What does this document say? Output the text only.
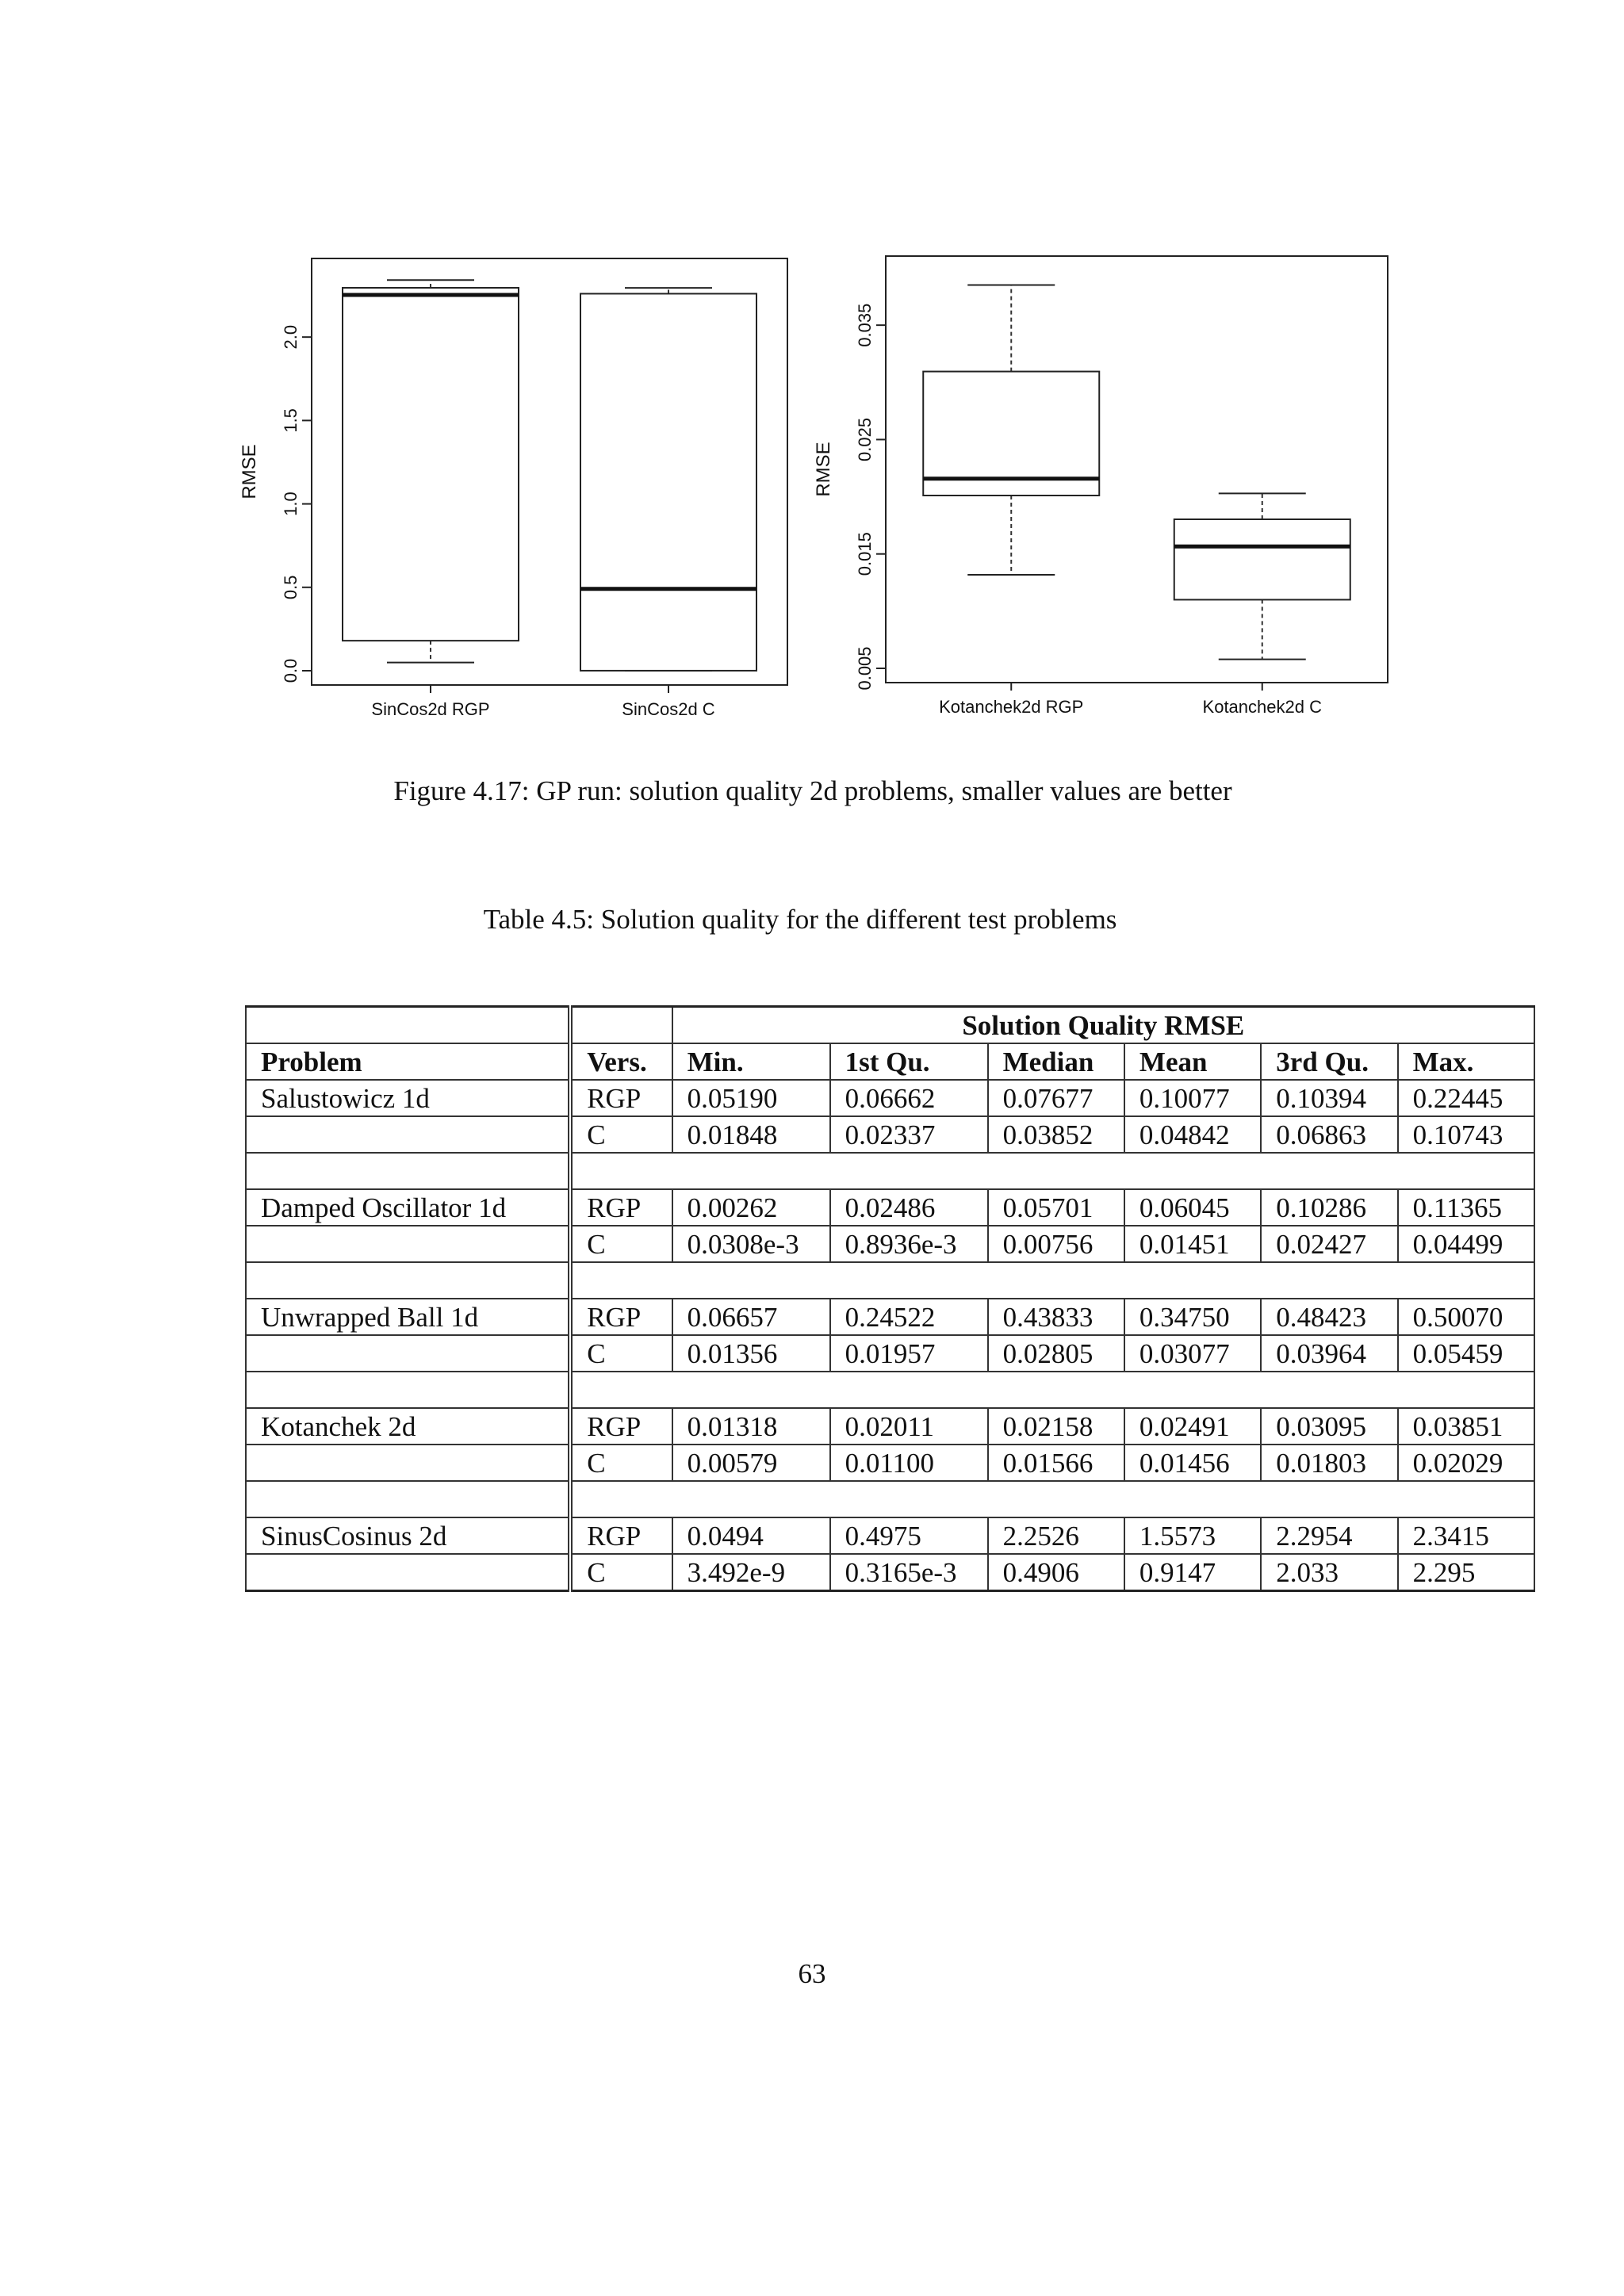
0.0
0.5
1.0
1.5
2.0
RMSE
SinCos2d RGP	SinCos2d C
0.005
0.015
0.025
0.035
RMSE
Kotanchek2d RGP	Kotanchek2d C
Figure 4.17: GP run: solution quality 2d problems, smaller values are better
Table 4.5: Solution quality for the different test problems
		Solution Quality RMSE					
Problem	Vers.	Min.	1st Qu.	Median	Mean	3rd Qu.	Max.
Salustowicz 1d	RGP	0.05190	0.06662	0.07677	0.10077	0.10394	0.22445
	C	0.01848	0.02337	0.03852	0.04842	0.06863	0.10743

Damped Oscillator 1d	RGP	0.00262	0.02486	0.05701	0.06045	0.10286	0.11365
	C	0.0308e-3	0.8936e-3	0.00756	0.01451	0.02427	0.04499

Unwrapped Ball 1d	RGP	0.06657	0.24522	0.43833	0.34750	0.48423	0.50070
	C	0.01356	0.01957	0.02805	0.03077	0.03964	0.05459

Kotanchek 2d	RGP	0.01318	0.02011	0.02158	0.02491	0.03095	0.03851
	C	0.00579	0.01100	0.01566	0.01456	0.01803	0.02029

SinusCosinus 2d	RGP	0.0494	0.4975	2.2526	1.5573	2.2954	2.3415
	C	3.492e-9	0.3165e-3	0.4906	0.9147	2.033	2.295
63
